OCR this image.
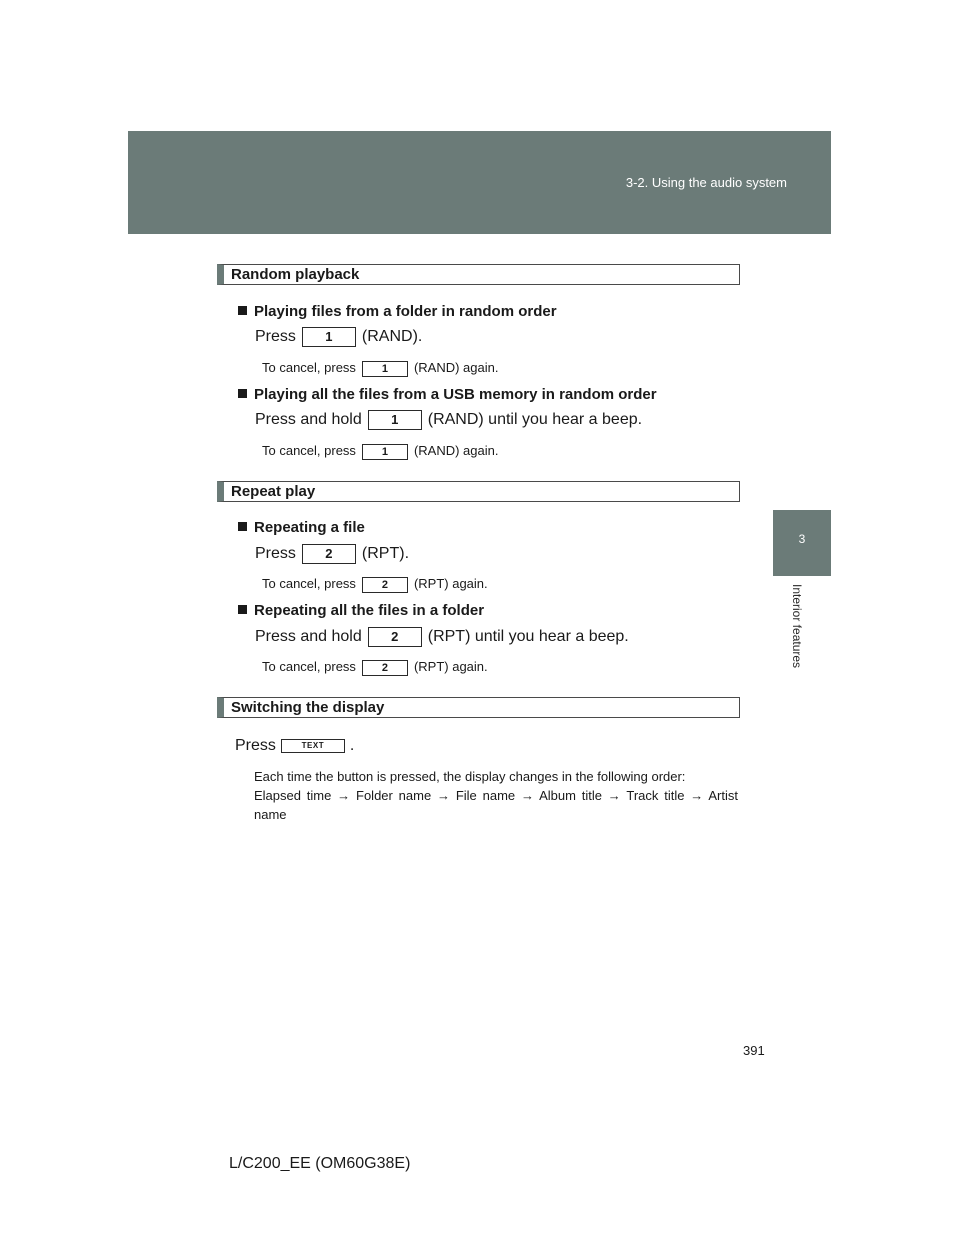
3-2. Using the audio system
3
Interior features
Random playback
Playing files from a folder in random order
Press 1 (RAND).
To cancel, press 1 (RAND) again.
Playing all the files from a USB memory in random order
Press and hold 1 (RAND) until you hear a beep.
To cancel, press 1 (RAND) again.
Repeat play
Repeating a file
Press 2 (RPT).
To cancel, press 2 (RPT) again.
Repeating all the files in a folder
Press and hold 2 (RPT) until you hear a beep.
To cancel, press 2 (RPT) again.
Switching the display
Press	TEXT .
Each time the button is pressed, the display changes in the following order:
Elapsed time → Folder name → File name → Album title → Track title → Artist name
391
L/C200_EE (OM60G38E)
